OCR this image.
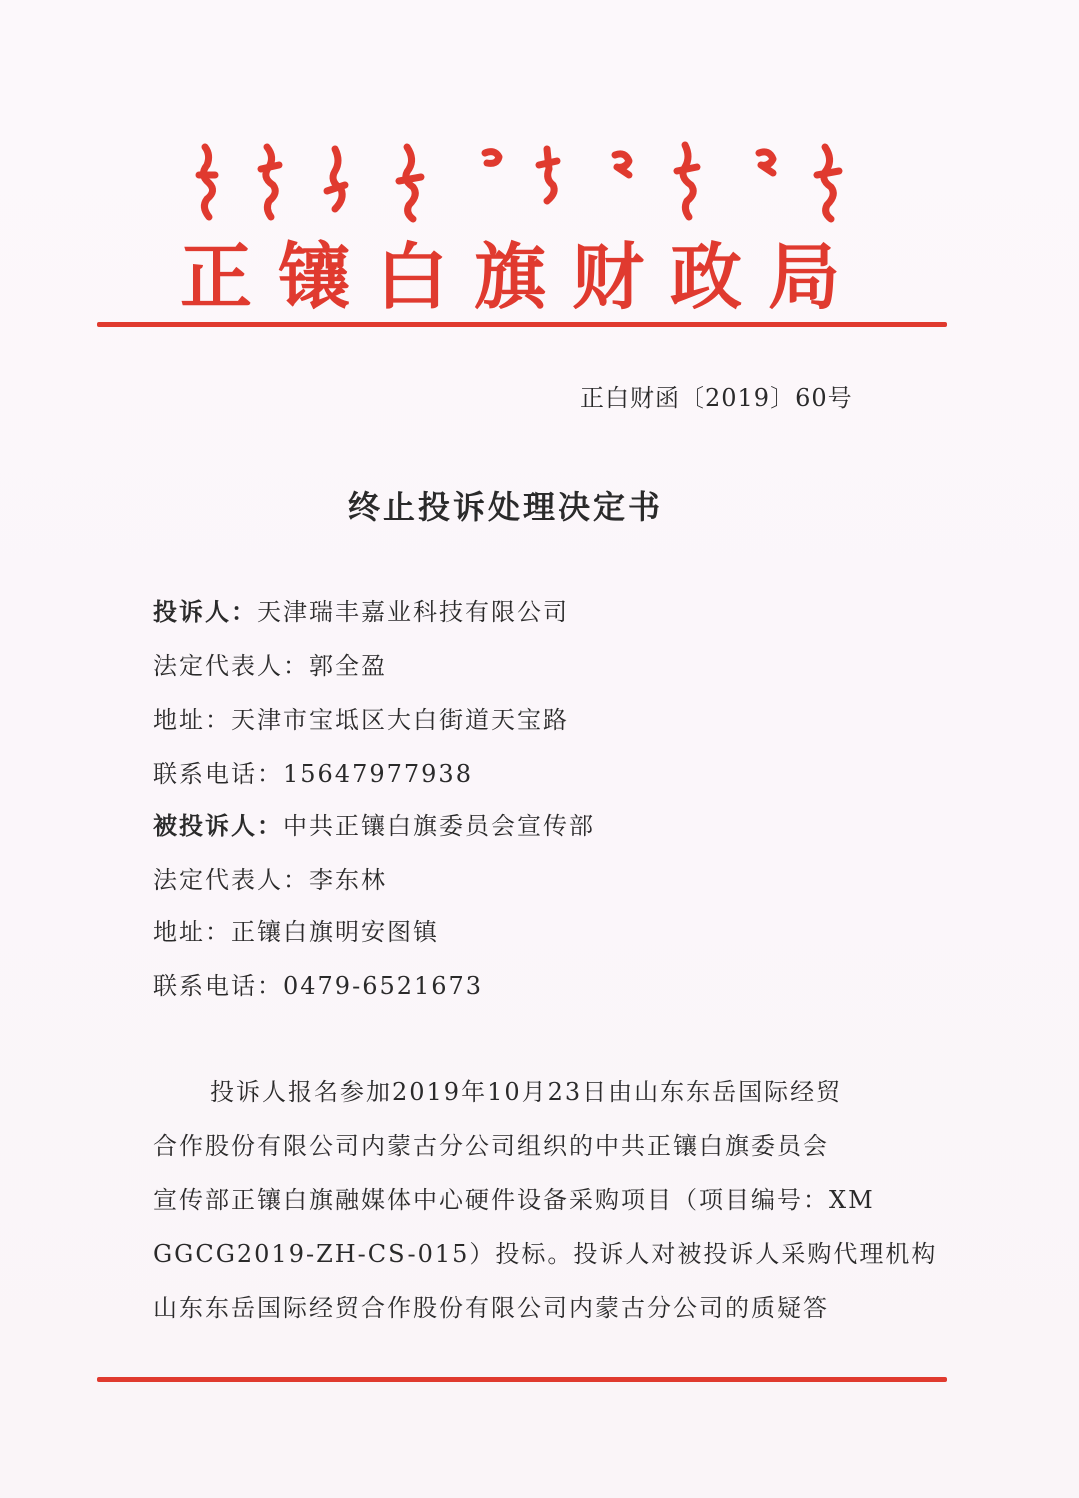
正镶白旗财政局
正白财函〔2019〕60号
终止投诉处理决定书
投诉人：天津瑞丰嘉业科技有限公司
法定代表人：郭全盈
地址：天津市宝坻区大白街道天宝路
联系电话：15647977938
被投诉人：中共正镶白旗委员会宣传部
法定代表人：李东林
地址：正镶白旗明安图镇
联系电话：0479-6521673
投诉人报名参加2019年10月23日由山东东岳国际经贸
合作股份有限公司内蒙古分公司组织的中共正镶白旗委员会
宣传部正镶白旗融媒体中心硬件设备采购项目（项目编号：XM
GGCG2019-ZH-CS-015）投标。投诉人对被投诉人采购代理机构
山东东岳国际经贸合作股份有限公司内蒙古分公司的质疑答
